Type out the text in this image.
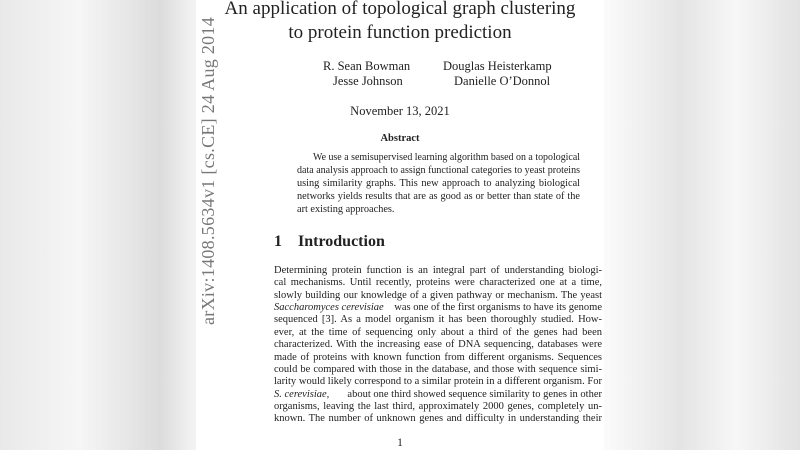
arXiv:1408.5634v1 [cs.CE] 24 Aug 2014
An application of topological graph clustering
to protein function prediction
R. Sean Bowman	Douglas Heisterkamp
Jesse Johnson	Danielle O’Donnol
November 13, 2021
Abstract
We use a semisupervised learning algorithm based on a topological
data analysis approach to assign functional categories to yeast proteins
using similarity graphs. This new approach to analyzing biological
networks yields results that are as good as or better than state of the
art existing approaches.
1 Introduction
Determining protein function is an integral part of understanding biologi-
cal mechanisms. Until recently, proteins were characterized one at a time,
slowly building our knowledge of a given pathway or mechanism. The yeast
Saccharomyces cerevisiae was one of the first organisms to have its genome
sequenced [3]. As a model organism it has been thoroughly studied. How-
ever, at the time of sequencing only about a third of the genes had been
characterized. With the increasing ease of DNA sequencing, databases were
made of proteins with known function from different organisms. Sequences
could be compared with those in the database, and those with sequence simi-
larity would likely correspond to a similar protein in a different organism. For
S. cerevisiae, about one third showed sequence similarity to genes in other
organisms, leaving the last third, approximately 2000 genes, completely un-
known. The number of unknown genes and difficulty in understanding their
1
